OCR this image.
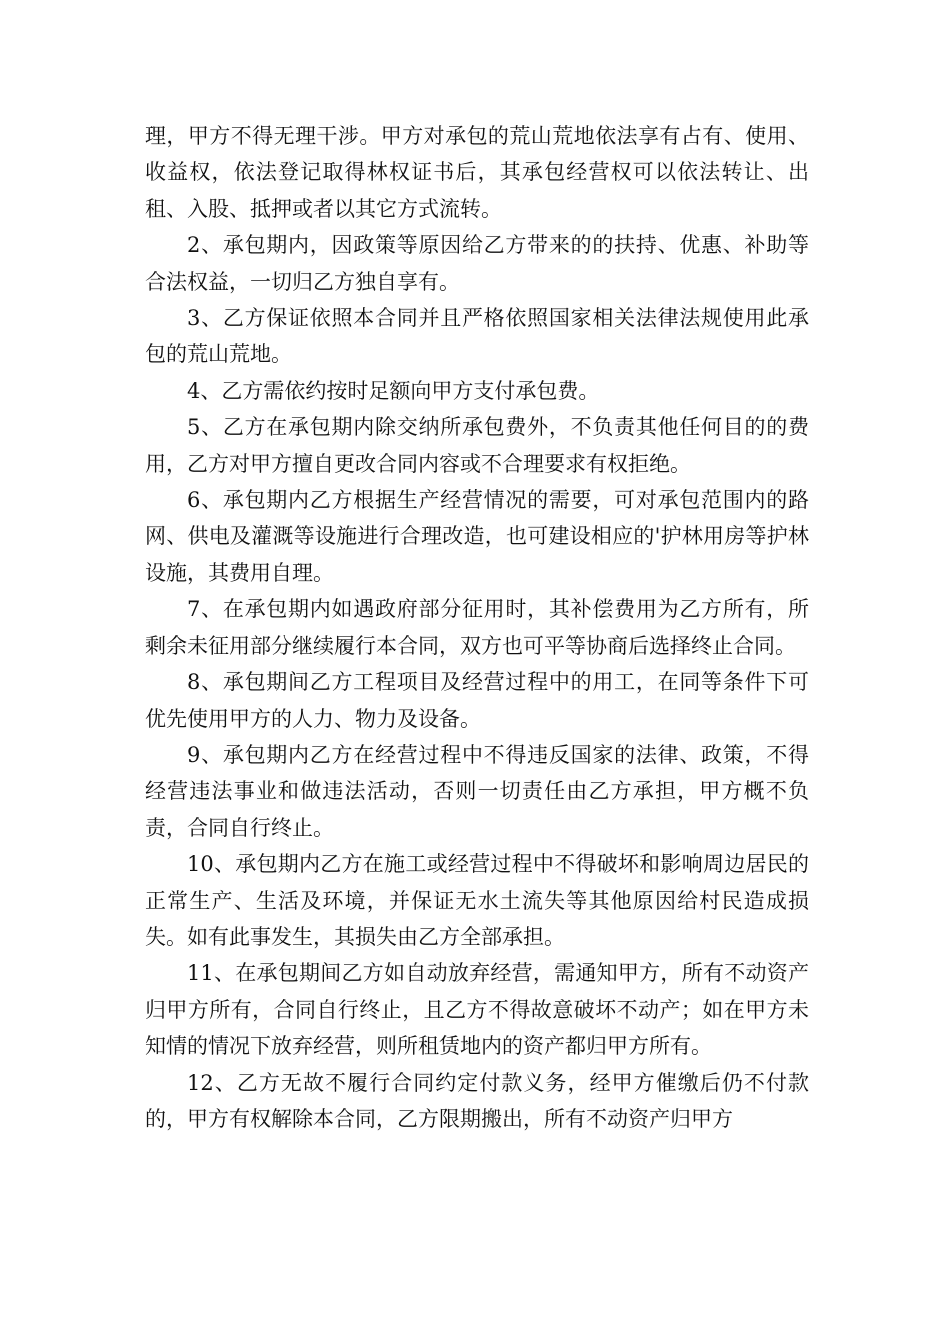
理，甲方不得无理干涉。甲方对承包的荒山荒地依法享有占有、使用、收益权，依法登记取得林权证书后，其承包经营权可以依法转让、出租、入股、抵押或者以其它方式流转。

2、承包期内，因政策等原因给乙方带来的的扶持、优惠、补助等合法权益，一切归乙方独自享有。

3、乙方保证依照本合同并且严格依照国家相关法律法规使用此承包的荒山荒地。

4、乙方需依约按时足额向甲方支付承包费。

5、乙方在承包期内除交纳所承包费外，不负责其他任何目的的费用，乙方对甲方擅自更改合同内容或不合理要求有权拒绝。

6、承包期内乙方根据生产经营情况的需要，可对承包范围内的路网、供电及灌溉等设施进行合理改造，也可建设相应的'护林用房等护林设施，其费用自理。

7、在承包期内如遇政府部分征用时，其补偿费用为乙方所有，所剩余未征用部分继续履行本合同，双方也可平等协商后选择终止合同。

8、承包期间乙方工程项目及经营过程中的用工，在同等条件下可优先使用甲方的人力、物力及设备。

9、承包期内乙方在经营过程中不得违反国家的法律、政策，不得经营违法事业和做违法活动，否则一切责任由乙方承担，甲方概不负责，合同自行终止。

10、承包期内乙方在施工或经营过程中不得破坏和影响周边居民的正常生产、生活及环境，并保证无水土流失等其他原因给村民造成损失。如有此事发生，其损失由乙方全部承担。

11、在承包期间乙方如自动放弃经营，需通知甲方，所有不动资产归甲方所有，合同自行终止，且乙方不得故意破坏不动产；如在甲方未知情的情况下放弃经营，则所租赁地内的资产都归甲方所有。

12、乙方无故不履行合同约定付款义务，经甲方催缴后仍不付款的，甲方有权解除本合同，乙方限期搬出，所有不动资产归甲方
